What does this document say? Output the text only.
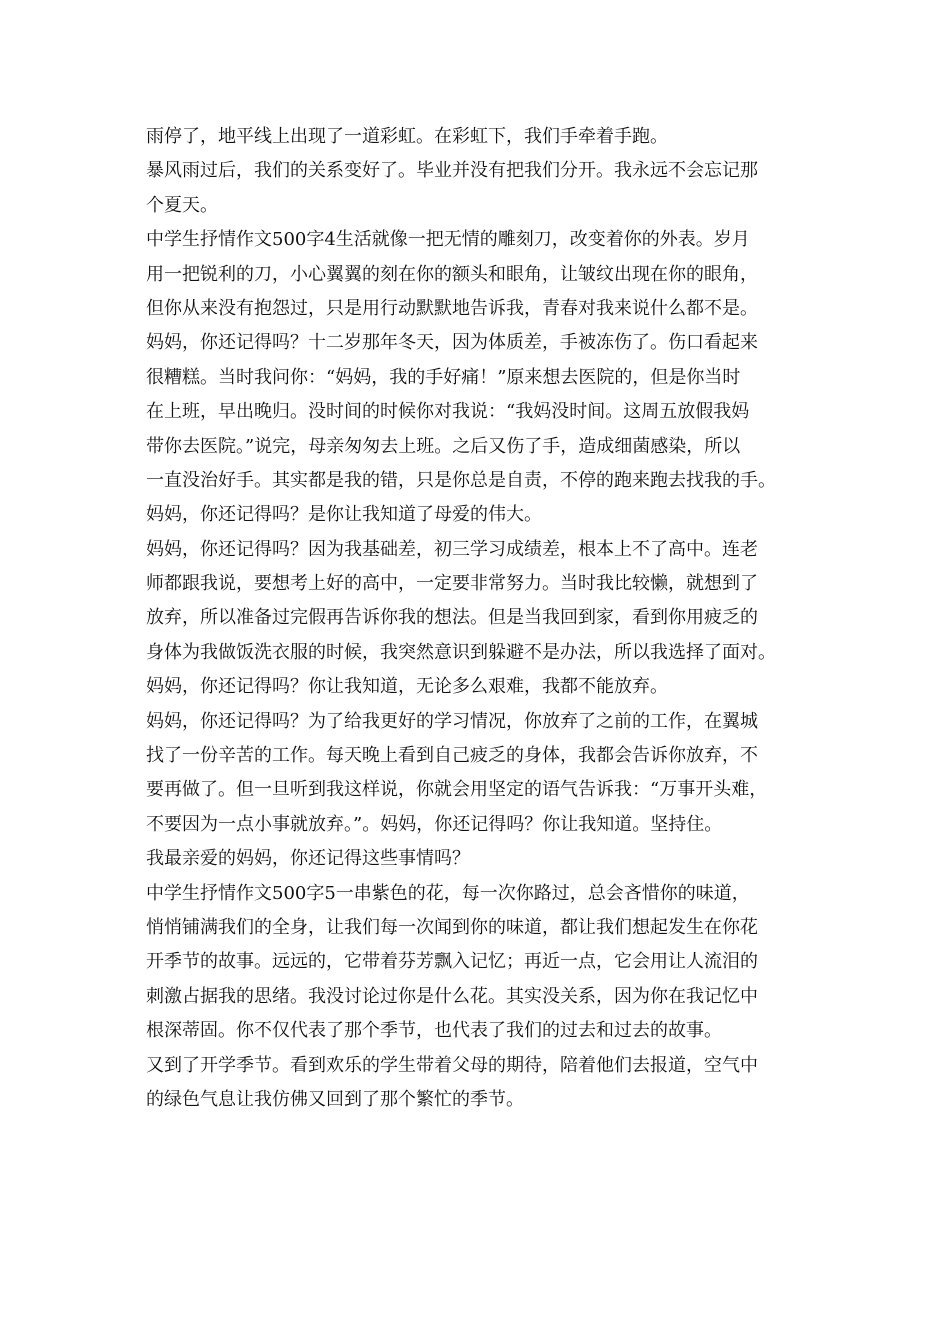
雨停了，地平线上出现了一道彩虹。在彩虹下，我们手牵着手跑。
暴风雨过后，我们的关系变好了。毕业并没有把我们分开。我永远不会忘记那
个夏天。
中学生抒情作文500字4生活就像一把无情的雕刻刀，改变着你的外表。岁月
用一把锐利的刀，小心翼翼的刻在你的额头和眼角，让皱纹出现在你的眼角，
但你从来没有抱怨过，只是用行动默默地告诉我，青春对我来说什么都不是。
妈妈，你还记得吗？十二岁那年冬天，因为体质差，手被冻伤了。伤口看起来
很糟糕。当时我问你：“妈妈，我的手好痛！”原来想去医院的，但是你当时
在上班，早出晚归。没时间的时候你对我说：“我妈没时间。这周五放假我妈
带你去医院。”说完，母亲匆匆去上班。之后又伤了手，造成细菌感染，所以
一直没治好手。其实都是我的错，只是你总是自责，不停的跑来跑去找我的手。
妈妈，你还记得吗？是你让我知道了母爱的伟大。
妈妈，你还记得吗？因为我基础差，初三学习成绩差，根本上不了高中。连老
师都跟我说，要想考上好的高中，一定要非常努力。当时我比较懒，就想到了
放弃，所以准备过完假再告诉你我的想法。但是当我回到家，看到你用疲乏的
身体为我做饭洗衣服的时候，我突然意识到躲避不是办法，所以我选择了面对。
妈妈，你还记得吗？你让我知道，无论多么艰难，我都不能放弃。
妈妈，你还记得吗？为了给我更好的学习情况，你放弃了之前的工作，在翼城
找了一份辛苦的工作。每天晚上看到自己疲乏的身体，我都会告诉你放弃，不
要再做了。但一旦听到我这样说，你就会用坚定的语气告诉我：“万事开头难，
不要因为一点小事就放弃。”。妈妈，你还记得吗？你让我知道。坚持住。
我最亲爱的妈妈，你还记得这些事情吗？
中学生抒情作文500字5一串紫色的花，每一次你路过，总会吝惜你的味道，
悄悄铺满我们的全身，让我们每一次闻到你的味道，都让我们想起发生在你花
开季节的故事。远远的，它带着芬芳飘入记忆；再近一点，它会用让人流泪的
刺激占据我的思绪。我没讨论过你是什么花。其实没关系，因为你在我记忆中
根深蒂固。你不仅代表了那个季节，也代表了我们的过去和过去的故事。
又到了开学季节。看到欢乐的学生带着父母的期待，陪着他们去报道，空气中
的绿色气息让我仿佛又回到了那个繁忙的季节。
